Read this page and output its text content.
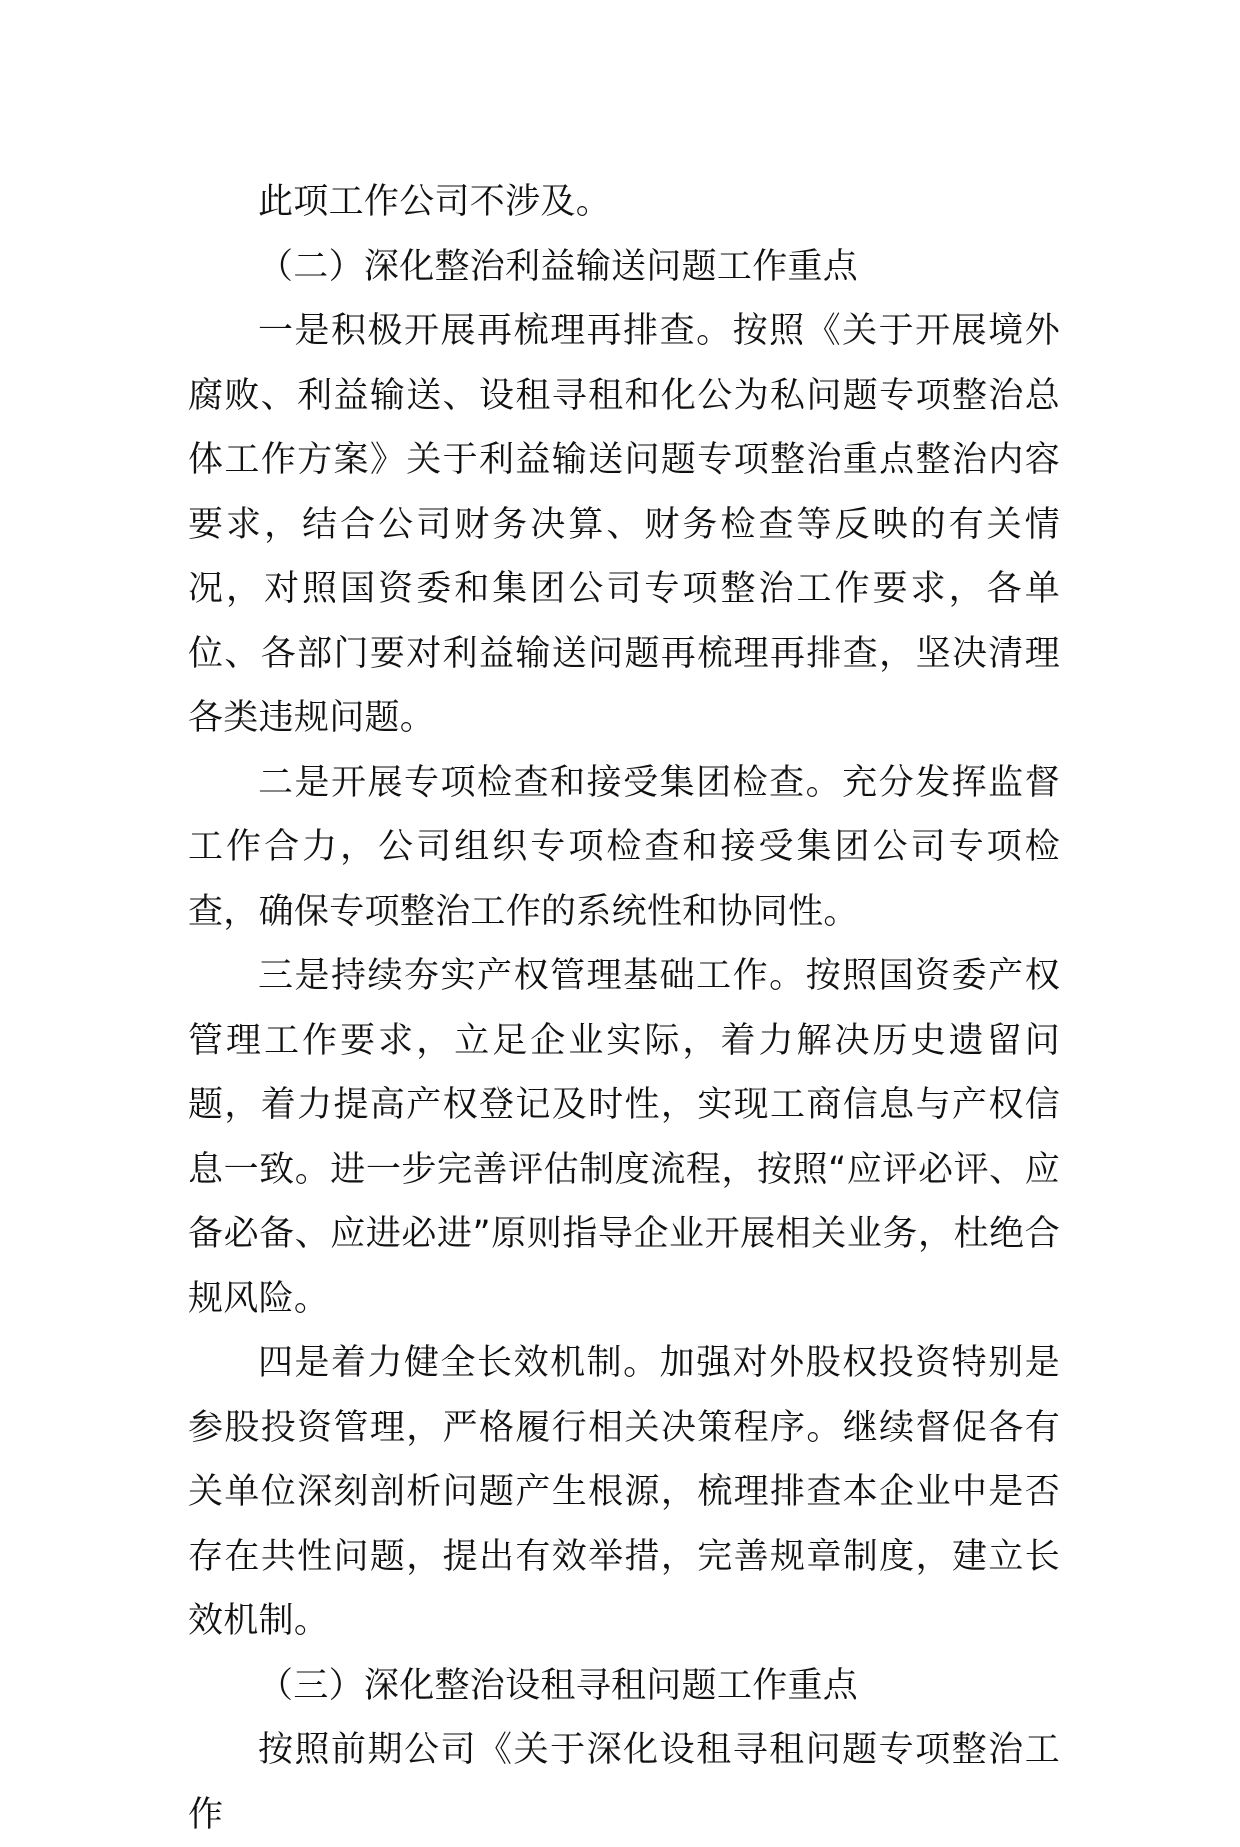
此项工作公司不涉及。

（二）深化整治利益输送问题工作重点

一是积极开展再梳理再排查。按照《关于开展境外腐败、利益输送、设租寻租和化公为私问题专项整治总体工作方案》关于利益输送问题专项整治重点整治内容要求，结合公司财务决算、财务检查等反映的有关情况，对照国资委和集团公司专项整治工作要求，各单位、各部门要对利益输送问题再梳理再排查，坚决清理各类违规问题。

二是开展专项检查和接受集团检查。充分发挥监督工作合力，公司组织专项检查和接受集团公司专项检查，确保专项整治工作的系统性和协同性。

三是持续夯实产权管理基础工作。按照国资委产权管理工作要求，立足企业实际，着力解决历史遗留问题，着力提高产权登记及时性，实现工商信息与产权信息一致。进一步完善评估制度流程，按照“应评必评、应备必备、应进必进”原则指导企业开展相关业务，杜绝合规风险。

四是着力健全长效机制。加强对外股权投资特别是参股投资管理，严格履行相关决策程序。继续督促各有关单位深刻剖析问题产生根源，梳理排查本企业中是否存在共性问题，提出有效举措，完善规章制度，建立长效机制。

（三）深化整治设租寻租问题工作重点

按照前期公司《关于深化设租寻租问题专项整治工作
